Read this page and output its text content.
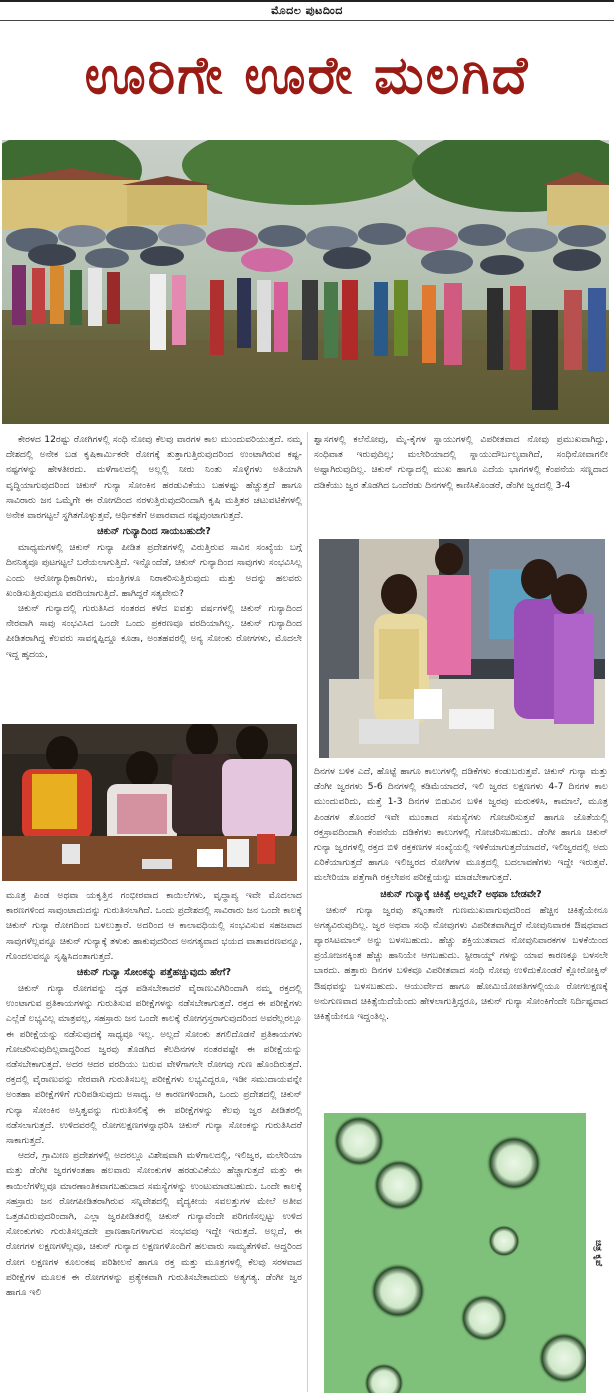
ಮೊದಲ ಪುಟದಿಂದ
ಊರಿಗೇ ಊರೇ ಮಲಗಿದೆ

ಕೇರಳದ 12ರಷ್ಟು ರೋಗಿಗಳಲ್ಲಿ ಸಂಧಿ ನೋವು ಕೆಲವು ವಾರಗಳ ಕಾಲ ಮುಂದುವರಿಯುತ್ತದೆ. ನಮ್ಮ ದೇಶದಲ್ಲಿ ಅನೇಕ ಬಡ ಕೃಷಿಕಾರ್ಮಿಕರೇ ರೋಗಕ್ಕೆ ತುತ್ತಾಗುತ್ತಿರುವುದರಿಂದ ಉಂಟಾಗಿರುವ ಕಷ್ಟ-ನಷ್ಟಗಳನ್ನು ಹೇಳತೀರದು. ಮಳೆಗಾಲದಲ್ಲಿ ಅಲ್ಲಲ್ಲಿ ನೀರು ನಿಂತು ಸೊಳ್ಳೆಗಳು ಅತಿಯಾಗಿ ವೃದ್ಧಿಯಾಗುವುದರಿಂದ ಚಿಕುನ್ ಗುನ್ಯಾ ಸೋಂಕಿನ ಹರಡುವಿಕೆಯು ಬಹಳಷ್ಟು ಹೆಚ್ಚುತ್ತದೆ ಹಾಗೂ ಸಾವಿರಾರು ಜನ ಒಮ್ಮೆಗೇ ಈ ರೋಗದಿಂದ ನರಳುತ್ತಿರುವುದರಿಂದಾಗಿ ಕೃಷಿ ಮತ್ತಿತರ ಚಟುವಟಿಕೆಗಳಲ್ಲಿ ಅನೇಕ ವಾರಗಟ್ಟಲೆ ಸ್ಥಗಿತಗೊಳ್ಳುತ್ತವೆ, ಆರ್ಥಿಕತೆಗೆ ಅಪಾರವಾದ ನಷ್ಟವುಂಟಾಗುತ್ತದೆ.

ಚಿಕುನ್ ಗುನ್ಯಾದಿಂದ ಸಾಯಬಹುದೇ?

ಮಾಧ್ಯಮಗಳಲ್ಲಿ ಚಿಕುನ್ ಗುನ್ಯಾ ಪೀಡಿತ ಪ್ರದೇಶಗಳಲ್ಲಿ ವಿರುತ್ತಿರುವ ಸಾವಿನ ಸಂಖ್ಯೆಯ ಬಗ್ಗೆ ದಿನನಿತ್ಯವೂ ಪುಟಗಟ್ಟಲೆ ಬರೆಯಲಾಗುತ್ತಿದೆ. ಇನ್ನೊಂದೆಡೆ, ಚಿಕುನ್ ಗುನ್ಯಾದಿಂದ ಸಾವುಗಳು ಸಂಭವಿಸಿಲ್ಲ ಎಂದು ಆರೋಗ್ಯಾಧಿಕಾರಿಗಳು, ಮಂತ್ರಿಗಳೂ ನಿರಾಕರಿಸುತ್ತಿರುವುದು ಮತ್ತು ಅದನ್ನು ಹಲವರು ಖಂಡಿಸುತ್ತಿರುವುದೂ ವರದಿಯಾಗುತ್ತಿದೆ. ಹಾಗಿದ್ದರೆ ಸತ್ಯವೇನು?

ಚಿಕುನ್ ಗುನ್ಯಾದಲ್ಲಿ ಗುರುತಿಸಿದ ನಂತರದ ಕಳೆದ ಐವತ್ತು ವರ್ಷಗಳಲ್ಲಿ ಚಿಕುನ್ ಗುನ್ಯಾದಿಂದ ನೇರವಾಗಿ ಸಾವು ಸಂಭವಿಸಿದ ಒಂದೇ ಒಂದು ಪ್ರಕರಣವೂ ವರದಿಯಾಗಿಲ್ಲ. ಚಿಕುನ್ ಗುನ್ಯಾದಿಂದ ಪೀಡಿತರಾಗಿದ್ದ ಕೆಲವರು ಸಾವನ್ನಪ್ಪಿದ್ದೂ ಕೂಡಾ, ಅಂತಹವರಲ್ಲಿ ಅನ್ಯ ಸೋಂಕು ರೋಗಗಳು, ಮೊದಲೇ ಇದ್ದ ಹೃದಯ,

ಶ್ವಾಸಗಳಲ್ಲಿ ಕಲೆನೋವು, ಮೈ-ಕೈಗಳ ಸ್ನಾಯುಗಳಲ್ಲಿ ವಿಪರೀತವಾದ ನೋವು ಪ್ರಮುಖವಾಗಿದ್ದು, ಸಂಧಿವಾತ ಇರುವುದಿಲ್ಲ; ಮಲೇರಿಯಾದಲ್ಲಿ ಸ್ನಾಯುದೌರ್ಬಲ್ಯವಾಗಿದೆ, ಸಂಧಿನೋವಾಗಲೀ ಅಷ್ಟಾಗಿರುವುದಿಲ್ಲ. ಚಿಕುನ್ ಗುನ್ಯಾದಲ್ಲಿ ಮುಖ ಹಾಗೂ ಎದೆಯ ಭಾಗಗಳಲ್ಲಿ ಕೆಂಪನೆಯ ಸಣ್ಣದಾದ ದಡಿಕೆಯು ಜ್ವರ ತೊಡಗಿದ ಒಂದೆರಡು ದಿನಗಳಲ್ಲಿ ಕಾಣಿಸಿಕೊಂಡರೆ, ಡೆಂಗೀ ಜ್ವರದಲ್ಲಿ 3-4

ದಿನಗಳ ಬಳಿಕ ಎದೆ, ಹೊಟ್ಟೆ ಹಾಗೂ ಕಾಲುಗಳಲ್ಲಿ ದಡಿಕೆಗಳು ಕಂಡುಬರುತ್ತವೆ. ಚಿಕುನ್ ಗುನ್ಯಾ ಮತ್ತು ಡೆಂಗೀ ಜ್ವರಗಳು 5-6 ದಿನಗಳಲ್ಲಿ ಕಡಿಮೆಯಾದರೆ, ಇಲಿ ಜ್ವರದ ಲಕ್ಷಣಗಳು 4-7 ದಿನಗಳ ಕಾಲ ಮುಂದುವರಿದು, ಮತ್ತೆ 1-3 ದಿನಗಳ ಬಿಡುವಿನ ಬಳಿಕ ಜ್ವರವು ಮರುಕಳಿಸಿ, ಕಾಮಾಲೆ, ಮೂತ್ರ ಪಿಂಡಗಳ ತೊಂದರೆ ಇವೇ ಮುಂತಾದ ಸಮಸ್ಯೆಗಳು ಗೋಚರಿಸುತ್ತವೆ ಹಾಗೂ ಜೊತೆಯಲ್ಲಿ ರಕ್ತಸ್ರಾವದಿಂದಾಗಿ ಕೆಂಪನೆಯ ದಡಿಕೆಗಳು ಕಾಲುಗಳಲ್ಲಿ ಗೋಚರಿಸಬಹುದು. ಡೆಂಗೀ ಹಾಗೂ ಚಿಕುನ್ ಗುನ್ಯಾ ಜ್ವರಗಳಲ್ಲಿ ರಕ್ತದ ಬಿಳಿ ರಕ್ತಕಣಗಳ ಸಂಖ್ಯೆಯಲ್ಲಿ ಇಳಿಕೆಯಾಗುತ್ತದೆಯಾದರೆ, ಇಲಿಜ್ವರದಲ್ಲಿ ಅದು ಏರಿಕೆಯಾಗುತ್ತದೆ ಹಾಗೂ ಇಲಿಜ್ವರದ ರೋಗಿಗಳ ಮೂತ್ರದಲ್ಲಿ ಬದಲಾವಣೆಗಳು ಇದ್ದೇ ಇರುತ್ತವೆ. ಮಲೇರಿಯಾ ಪತ್ತೆಗಾಗಿ ರಕ್ತಲೇಪನ ಪರೀಕ್ಷೆಯನ್ನು ಮಾಡಬೇಕಾಗುತ್ತದೆ.

ಚಿಕುನ್ ಗುನ್ಯಾಕ್ಕೆ ಚಿಕಿತ್ಸೆ ಅಲ್ಲವೇ? ಅಥವಾ ಬೇಡವೇ?

ಚಿಕುನ್ ಗುನ್ಯಾ ಜ್ವರವು ತನ್ನಿಂತಾನೇ ಗುಣಮುಖವಾಗುವುದರಿಂದ ಹೆಚ್ಚಿನ ಚಿಕಿತ್ಸೆಯೇನೂ ಅಗತ್ಯವಿರುವುದಿಲ್ಲ. ಜ್ವರ ಅಥವಾ ಸಂಧಿ ನೋವುಗಳು ವಿಪರೀತವಾಗಿದ್ದರೆ ನೋವುನಿವಾರಕ ಔಷಧವಾದ ಪ್ಯಾರಸಿಟಮಾಲ್ ಅನ್ನು ಬಳಸಬಹುದು. ಹೆಚ್ಚು ಶಕ್ತಿಯುತವಾದ ನೋವುನಿವಾರಕಗಳ ಬಳಕೆಯಿಂದ ಪ್ರಯೋಜನಕ್ಕಿಂತ ಹೆಚ್ಚು ಹಾನಿಯೇ ಆಗಬಹುದು. ಸ್ಟೀರಾಯ್ಡ್ ಗಳನ್ನು ಯಾವ ಕಾರಣಕ್ಕೂ ಬಳಸಲೇ ಬಾರದು. ಹತ್ತಾರು ದಿನಗಳ ಬಳಿಕವೂ ವಿಪರೀತವಾದ ಸಂಧಿ ನೋವು ಉಳಿದುಕೊಂಡರೆ ಕ್ಲೋರೋಕ್ವಿನ್ ಔಷಧವನ್ನು ಬಳಸಬಹುದು. ಆಯುರ್ವೇದ ಹಾಗೂ ಹೋಮಿಯೋಪತಿಗಳಲ್ಲಿಯೂ ರೋಗಲಕ್ಷಣಕ್ಕೆ ಅನುಗುಣವಾದ ಚಿಕಿತ್ಸೆಯಿದೆಯೆಂದು ಹೇಳಲಾಗುತ್ತಿದ್ದರೂ, ಚಿಕುನ್ ಗುನ್ಯಾ ಸೋಂಕಿಗೆಂದೇ ನಿರ್ದಿಷ್ಟವಾದ ಚಿಕಿತ್ಸೆಯೇನೂ ಇದ್ದಂತಿಲ್ಲ.

ಮೂತ್ರ ಪಿಂಡ ಅಥವಾ ಯಕೃತ್ತಿನ ಗಂಭೀರವಾದ ಕಾಯಿಲೆಗಳು, ವೃದ್ಧಾಪ್ಯ ಇವೇ ಮೊದಲಾದ ಕಾರಣಗಳಿಂದ ಸಾವುಂಟಾದುದನ್ನು ಗುರುತಿಸಲಾಗಿದೆ. ಒಂದು ಪ್ರದೇಶದಲ್ಲಿ ಸಾವಿರಾರು ಜನ ಒಂದೇ ಕಾಲಕ್ಕೆ ಚಿಕುನ್ ಗುನ್ಯಾ ರೋಗದಿಂದ ಬಳಲುತ್ತಾರೆ. ಅದರಿಂದ ಆ ಕಾಲಾವಧಿಯಲ್ಲಿ ಸಂಭವಿಸುವ ಸಹಜವಾದ ಸಾವುಗಳೆಲ್ಲವನ್ನೂ ಚಿಕುನ್ ಗುನ್ಯಾಕ್ಕೆ ತಳುಕು ಹಾಕುವುದರಿಂದ ಅನಗತ್ಯವಾದ ಭಯದ ವಾತಾವರಣವನ್ನೂ, ಗೊಂದಲವನ್ನೂ ಸೃಷ್ಟಿಸಿದಂತಾಗುತ್ತದೆ.

ಚಿಕುನ್ ಗುನ್ಯಾ ಸೋಂಕನ್ನು ಪತ್ತೆಹಚ್ಚುವುದು ಹೇಗೆ?

ಚಿಕುನ್ ಗುನ್ಯಾ ರೋಗವನ್ನು ದೃಢ ಪಡಿಸಬೇಕಾದರೆ ವೈರಾಣುವಿಗಿರಿಂದಾಗಿ ನಮ್ಮ ರಕ್ತದಲ್ಲಿ ಉಂಟಾಗುವ ಪ್ರತಿಕಾಯಗಳನ್ನು ಗುರುತಿಸುವ ಪರೀಕ್ಷೆಗಳನ್ನು ನಡೆಸಬೇಕಾಗುತ್ತದೆ. ರಕ್ತದ ಈ ಪರೀಕ್ಷೆಗಳು ಎಲ್ಲೆಡೆ ಲಭ್ಯವಿಲ್ಲ ಮಾತ್ರವಲ್ಲ, ಸಹಸ್ರಾರು ಜನ ಒಂದೇ ಕಾಲಕ್ಕೆ ರೋಗಗ್ರಸ್ತರಾಗುವುದರಿಂದ ಅವರೆಲ್ಲರಲ್ಲೂ ಈ ಪರೀಕ್ಷೆಯನ್ನು ನಡೆಸುವುದಕ್ಕೆ ಸಾಧ್ಯವೂ ಇಲ್ಲ. ಅಲ್ಲದೆ ಸೋಂಕು ತಗಲಿದೊಡನೆ ಪ್ರತಿಕಾಯಗಳು ಗೋಚರಿಸುವುದಿಲ್ಲವಾದ್ದರಿಂದ ಜ್ವರವು ತೊಡಗಿದ ಕೆಲದಿನಗಳ ನಂತರವಷ್ಟೇ ಈ ಪರೀಕ್ಷೆಯನ್ನು ನಡೆಸಬೇಕಾಗುತ್ತದೆ. ಅದರ ಆದರ ವರದಿಯು ಬರುವ ವೇಳೆಗಾಗಲೇ ರೋಗವು ಗುಣ ಹೊಂದಿರುತ್ತದೆ. ರಕ್ತದಲ್ಲಿ ವೈರಾಣುವನ್ನು ನೇರವಾಗಿ ಗುರುತಿಸಬಲ್ಲ ಪರೀಕ್ಷೆಗಳು ಲಭ್ಯವಿದ್ದರೂ, ಇಡೀ ಸಮುದಾಯವನ್ನೇ ಅಂತಹಾ ಪರೀಕ್ಷೆಗಳಿಗೆ ಗುರಿಪಡಿಸುವುದು ಅಸಾಧ್ಯ. ಆ ಕಾರಣಗಳಿಂದಾಗಿ, ಒಂದು ಪ್ರದೇಶದಲ್ಲಿ ಚಿಕುನ್ ಗುನ್ಯಾ ಸೋಂಕಿನ ಅಸ್ತಿತ್ವವನ್ನು ಗುರುತಿಸಲಿಕ್ಕೆ ಈ ಪರೀಕ್ಷೆಗಳನ್ನು ಕೆಲವು ಜ್ವರ ಪೀಡಿತರಲ್ಲಿ ನಡೆಸಲಾಗುತ್ತದೆ. ಉಳಿದವರಲ್ಲಿ ರೋಗಲಕ್ಷಣಗಳನ್ನಾಧರಿಸಿ ಚಿಕುನ್ ಗುನ್ಯಾ ಸೋಂಕನ್ನು ಗುರುತಿಸಿದರೆ ಸಾಕಾಗುತ್ತದೆ.

ಆದರೆ, ಗ್ರಾಮೀಣ ಪ್ರದೇಶಗಳಲ್ಲಿ ಅದರಲ್ಲೂ ವಿಶೇಷವಾಗಿ ಮಳೆಗಾಲದಲ್ಲಿ, ಇಲಿಜ್ವರ, ಮಲೇರಿಯಾ ಮತ್ತು ಡೆಂಗೀ ಜ್ವರಗಳಂತಹಾ ಹಲವಾರು ಸೋಂಕುಗಳ ಹರಡುವಿಕೆಯು ಹೆಚ್ಚಾಗುತ್ತದೆ ಮತ್ತು ಈ ಕಾಯಿಲೆಗಳೆಲ್ಲವೂ ಮಾರಣಾಂತಿಕವಾಗಬಹುದಾದ ಸಮಸ್ಯೆಗಳನ್ನು ಉಂಟುಮಾಡಬಹುದು. ಒಂದೇ ಕಾಲಕ್ಕೆ ಸಹಸ್ರಾರು ಜನ ರೋಗಪೀಡಿತರಾಗಿರುವ ಸನ್ನಿವೇಶದಲ್ಲಿ ವೈದ್ಯಕೀಯ ಸವಲತ್ತುಗಳ ಮೇಲೆ ಅತೀವ ಒತ್ತಡವಿರುವುದರಿಂದಾಗಿ, ಎಲ್ಲಾ ಜ್ವರಪೀಡಿತರಲ್ಲಿ ಚಿಕುನ್ ಗುನ್ಯಾವೆಂದೇ ಪರಿಗಣಿಸಲ್ಪಟ್ಟು ಉಳಿದ ಸೋಂಕುಗಳು ಗುರುತಿಸಲ್ಪಡದೇ ಪ್ರಾಣಹಾನಿಗಳಾಗುವ ಸಂಭವವು ಇದ್ದೇ ಇರುತ್ತದೆ. ಅಲ್ಲದೆ, ಈ ರೋಗಗಳ ಲಕ್ಷಣಗಳೆಲ್ಲವೂ, ಚಿಕುನ್ ಗುನ್ಯಾದ ಲಕ್ಷಣಗಳೊಂದಿಗೆ ಹಲವಾರು ಸಾಮ್ಯತೆಗಳಿವೆ. ಆದ್ದರಿಂದ ರೋಗ ಲಕ್ಷಣಗಳ ಕೂಲಂಕಷ ಪರಿಶೀಲನೆ ಹಾಗೂ ರಕ್ತ ಮತ್ತು ಮೂತ್ರಗಳಲ್ಲಿ ಕೆಲವು ಸರಳವಾದ ಪರೀಕ್ಷೆಗಳ ಮೂಲಕ ಈ ರೋಗಗಳನ್ನು ಪ್ರತ್ಯೇಕವಾಗಿ ಗುರುತಿಸಬೇಕಾದುದು ಅತ್ಯಗತ್ಯ. ಡೆಂಗೀ ಜ್ವರ ಹಾಗೂ ಇಲಿ

ಚಿತ್ರ ಕೃಪೆ
